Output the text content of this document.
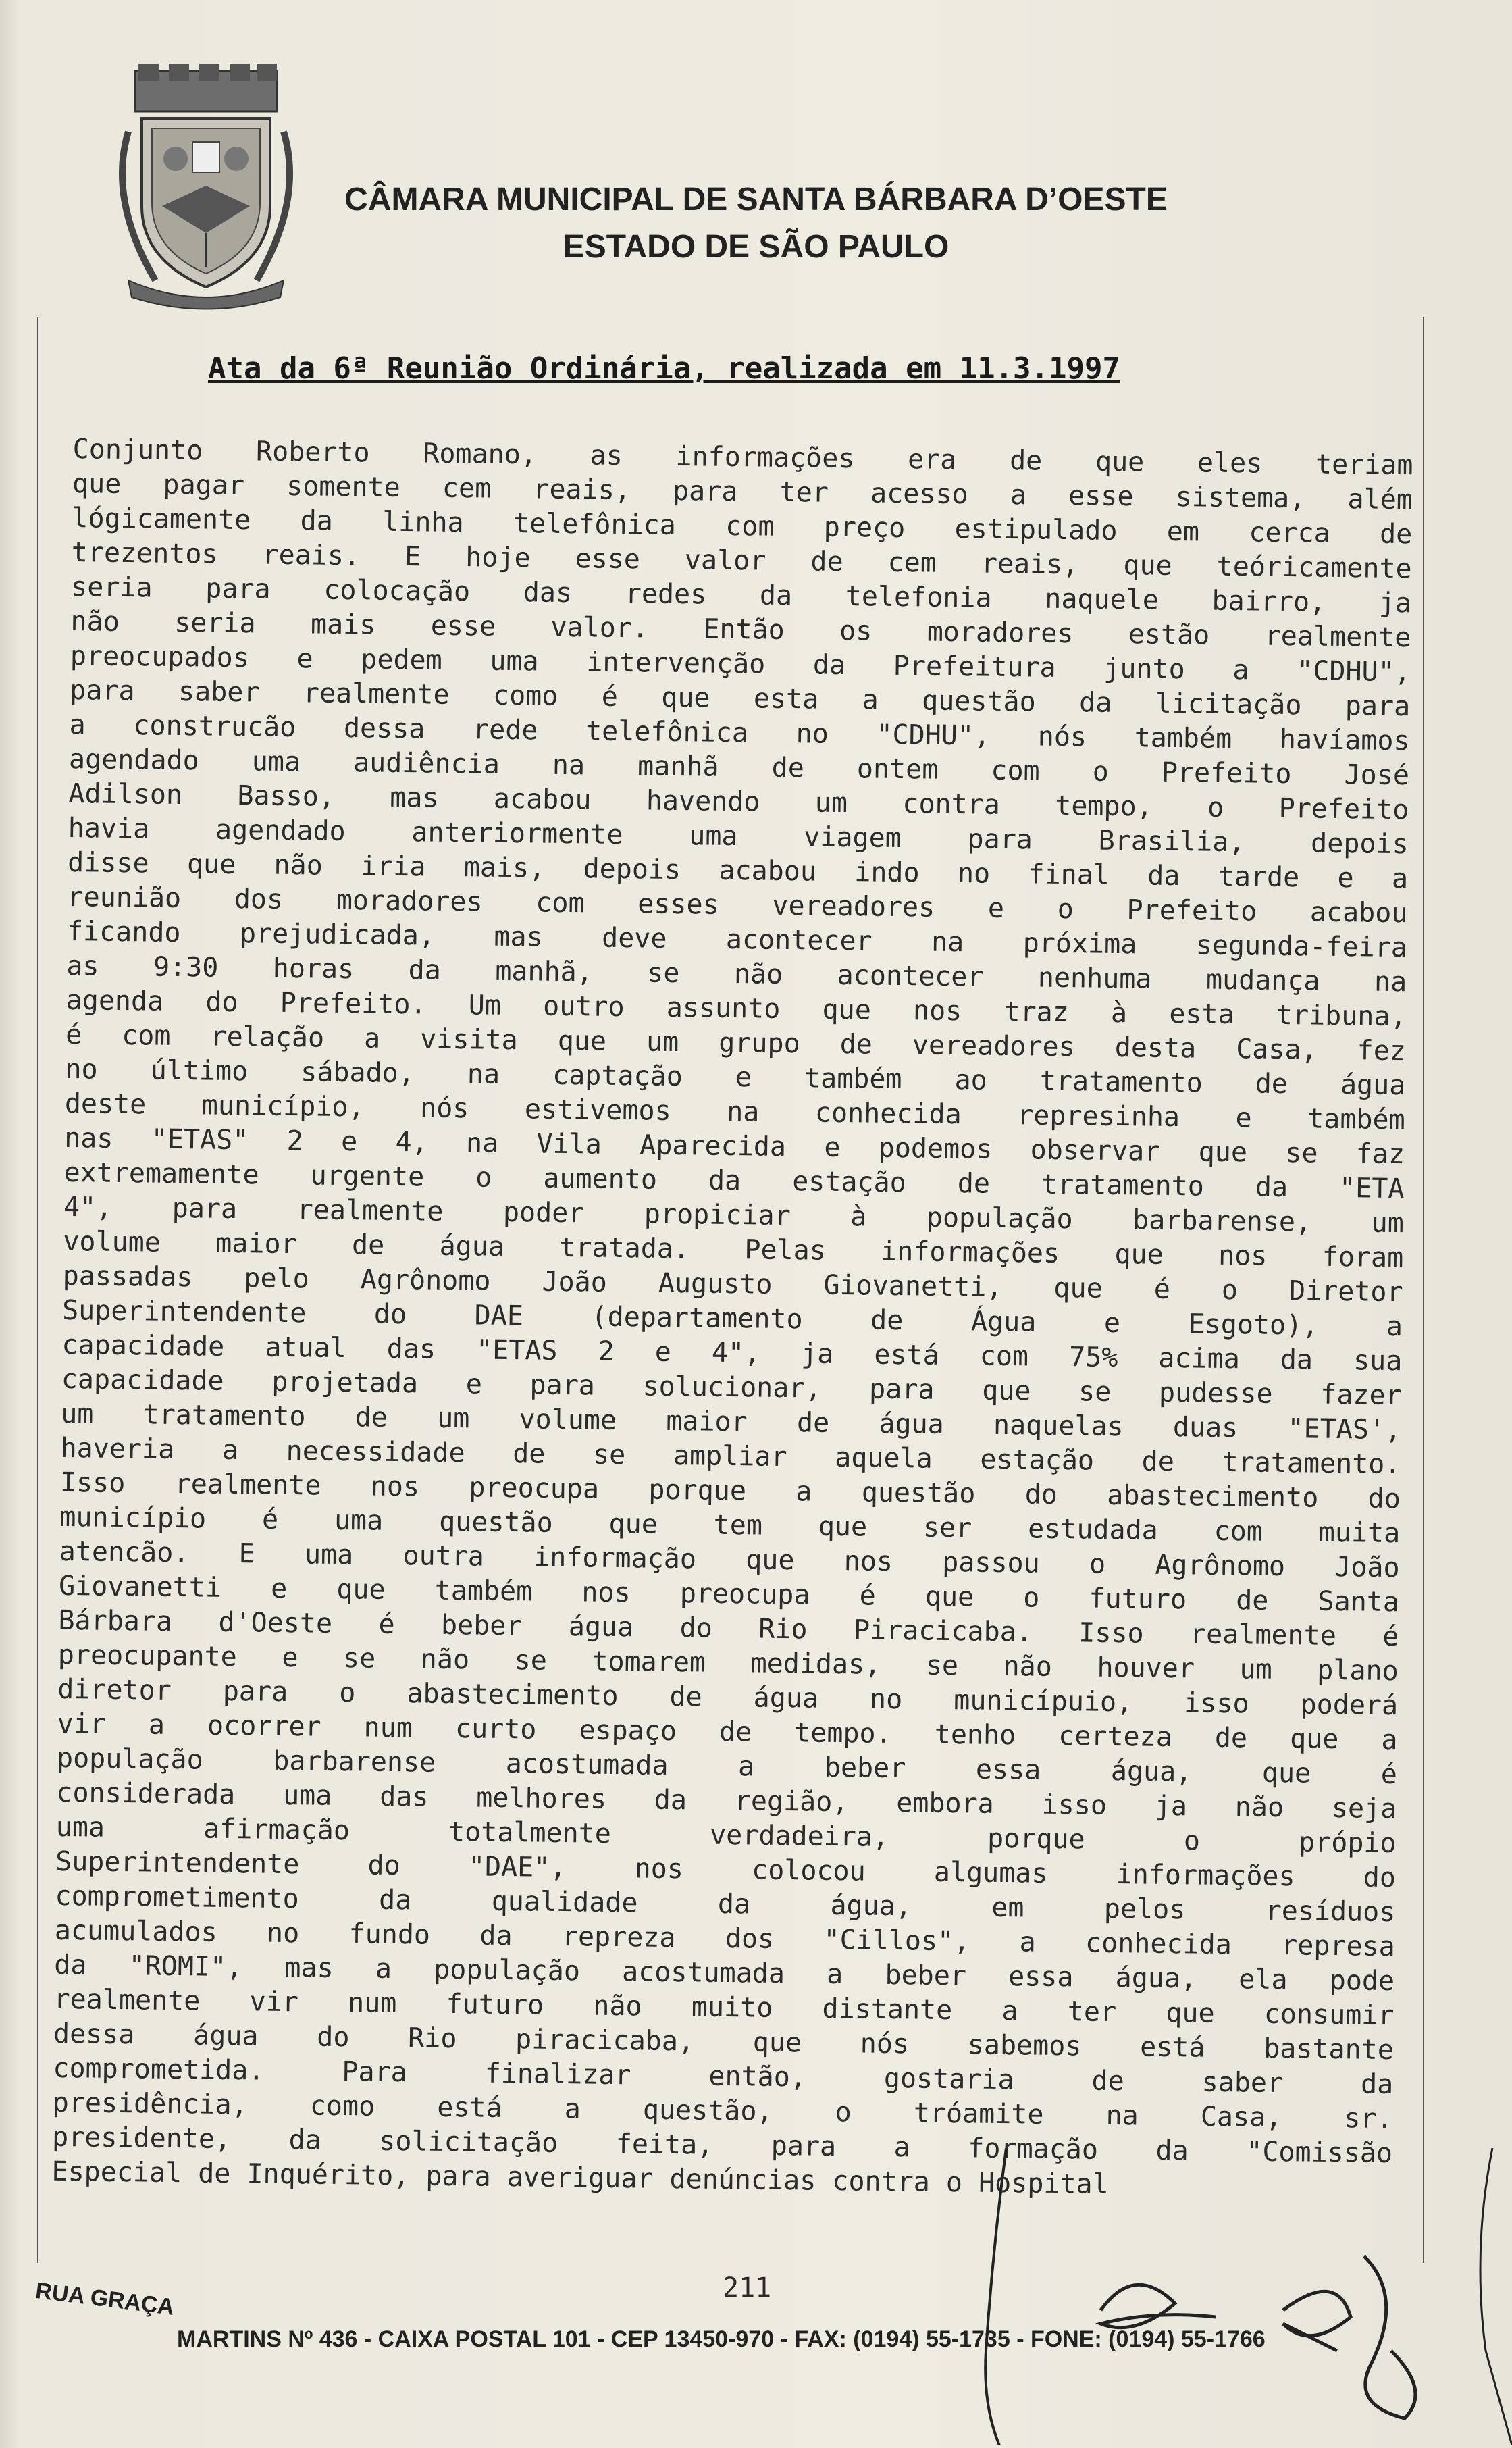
CÂMARA MUNICIPAL DE SANTA BÁRBARA D’OESTE
ESTADO DE SÃO PAULO
Ata da 6ª Reunião Ordinária, realizada em 11.3.1997
Conjunto Roberto Romano, as informações era de que eles teriam
que pagar somente cem reais, para ter acesso a esse sistema, além
lógicamente da linha telefônica com preço estipulado em cerca de
trezentos reais. E hoje esse valor de cem reais, que teóricamente
seria para colocação das redes da telefonia naquele bairro, ja
não seria mais esse valor. Então os moradores estão realmente
preocupados e pedem uma intervenção da Prefeitura junto a "CDHU",
para saber realmente como é que esta a questão da licitação para
a construcão dessa rede telefônica no "CDHU", nós também havíamos
agendado uma audiência na manhã de ontem com o Prefeito José
Adilson Basso, mas acabou havendo um contra tempo, o Prefeito
havia agendado anteriormente uma viagem para Brasilia, depois
disse que não iria mais, depois acabou indo no final da tarde e a
reunião dos moradores com esses vereadores e o Prefeito acabou
ficando prejudicada, mas deve acontecer na próxima segunda-feira
as 9:30 horas da manhã, se não acontecer nenhuma mudança na
agenda do Prefeito. Um outro assunto que nos traz à esta tribuna,
é com relação a visita que um grupo de vereadores desta Casa, fez
no último sábado, na captação e também ao tratamento de água
deste município, nós estivemos na conhecida represinha e também
nas "ETAS" 2 e 4, na Vila Aparecida e podemos observar que se faz
extremamente urgente o aumento da estação de tratamento da "ETA
4", para realmente poder propiciar à população barbarense, um
volume maior de água tratada. Pelas informações que nos foram
passadas pelo Agrônomo João Augusto Giovanetti, que é o Diretor
Superintendente do DAE (departamento de Água e Esgoto), a
capacidade atual das "ETAS 2 e 4", ja está com 75% acima da sua
capacidade projetada e para solucionar, para que se pudesse fazer
um tratamento de um volume maior de água naquelas duas "ETAS',
haveria a necessidade de se ampliar aquela estação de tratamento.
Isso realmente nos preocupa porque a questão do abastecimento do
município é uma questão que tem que ser estudada com muita
atencão. E uma outra informação que nos passou o Agrônomo João
Giovanetti e que também nos preocupa é que o futuro de Santa
Bárbara d'Oeste é beber água do Rio Piracicaba. Isso realmente é
preocupante e se não se tomarem medidas, se não houver um plano
diretor para o abastecimento de água no municípuio, isso poderá
vir a ocorrer num curto espaço de tempo. tenho certeza de que a
população barbarense acostumada a beber essa água, que é
considerada uma das melhores da região, embora isso ja não seja
uma afirmação totalmente verdadeira, porque o própio
Superintendente do "DAE", nos colocou algumas informações do
comprometimento da qualidade da água, em pelos resíduos
acumulados no fundo da repreza dos "Cillos", a conhecida represa
da "ROMI", mas a população acostumada a beber essa água, ela pode
realmente vir num futuro não muito distante a ter que consumir
dessa água do Rio piracicaba, que nós sabemos está bastante
comprometida. Para finalizar então, gostaria de saber da
presidência, como está a questão, o tróamite na Casa, sr.
presidente, da solicitação feita, para a formação da "Comissão
Especial de Inquérito, para averiguar denúncias contra o Hospital
211
RUA GRAÇA
MARTINS Nº 436 - CAIXA POSTAL 101 - CEP 13450-970 - FAX: (0194) 55-1735 - FONE: (0194) 55-1766
